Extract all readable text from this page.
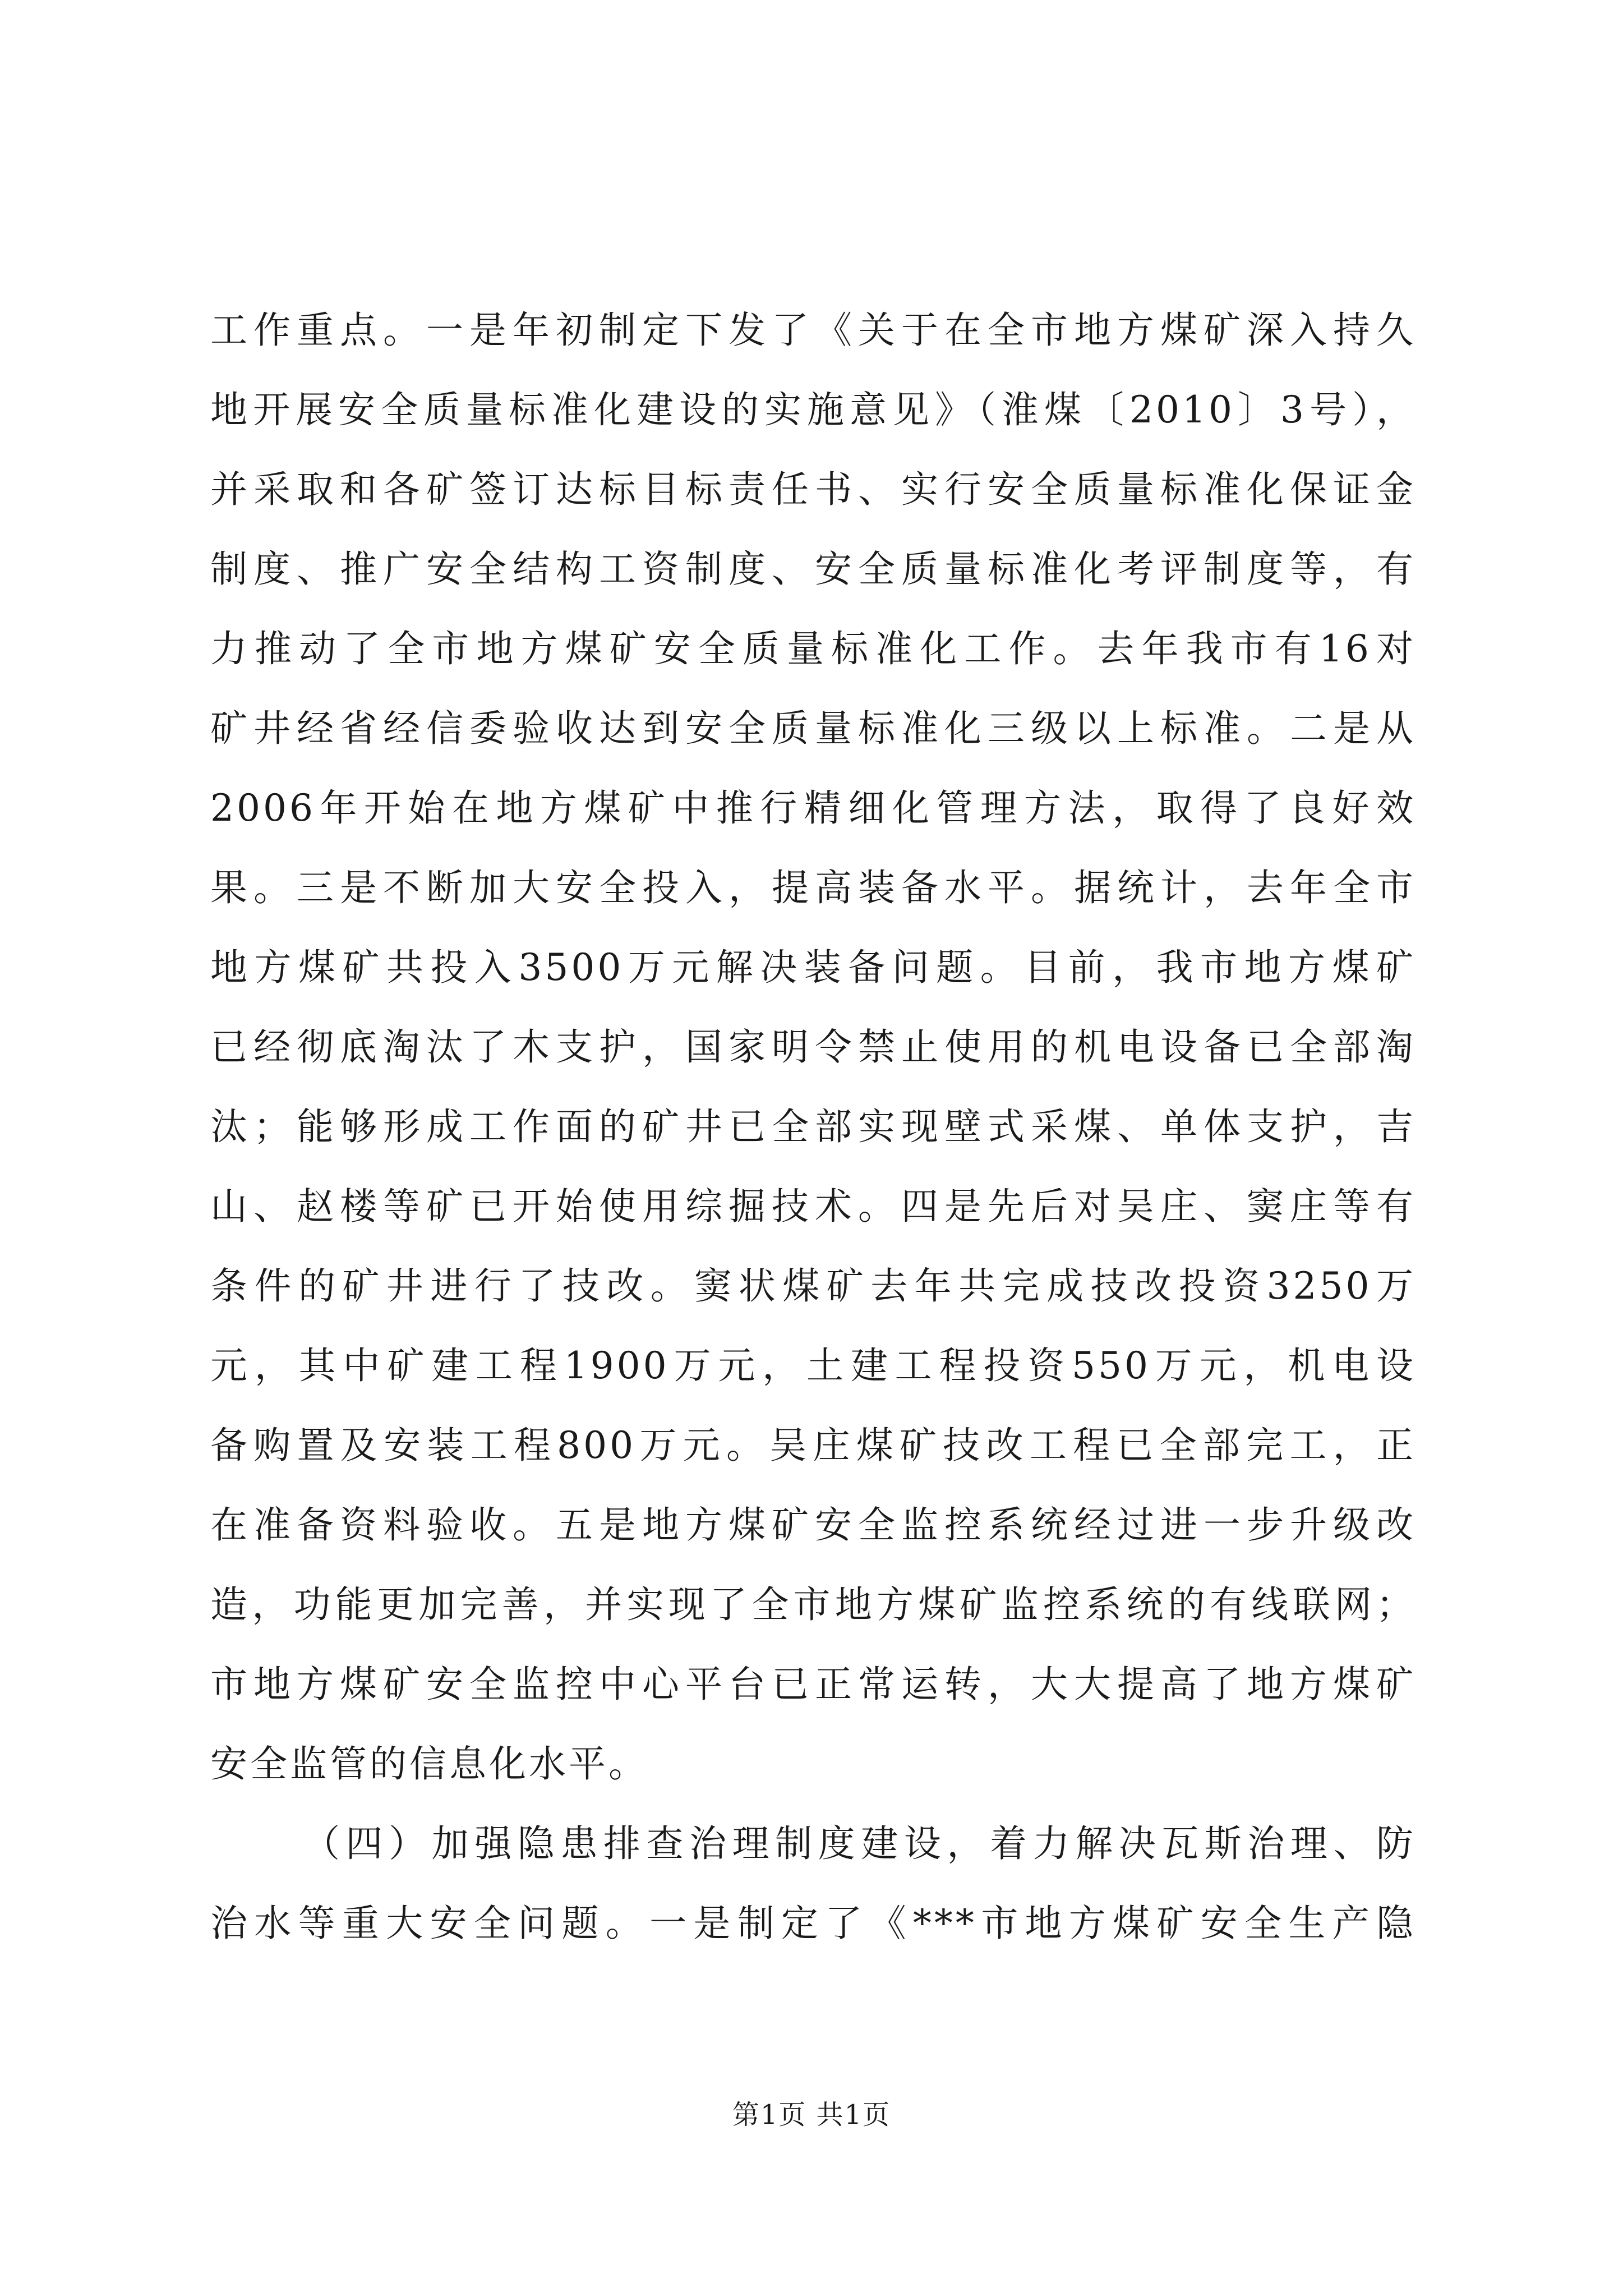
工作重点。一是年初制定下发了《关于在全市地方煤矿深入持久
地开展安全质量标准化建设的实施意见》（淮煤〔2010〕3号），
并采取和各矿签订达标目标责任书、实行安全质量标准化保证金
制度、推广安全结构工资制度、安全质量标准化考评制度等，有
力推动了全市地方煤矿安全质量标准化工作。去年我市有16对
矿井经省经信委验收达到安全质量标准化三级以上标准。二是从
2006年开始在地方煤矿中推行精细化管理方法，取得了良好效
果。三是不断加大安全投入，提高装备水平。据统计，去年全市
地方煤矿共投入3500万元解决装备问题。目前，我市地方煤矿
已经彻底淘汰了木支护，国家明令禁止使用的机电设备已全部淘
汰；能够形成工作面的矿井已全部实现壁式采煤、单体支护，吉
山、赵楼等矿已开始使用综掘技术。四是先后对吴庄、窦庄等有
条件的矿井进行了技改。窦状煤矿去年共完成技改投资3250万
元，其中矿建工程1900万元，土建工程投资550万元，机电设
备购置及安装工程800万元。吴庄煤矿技改工程已全部完工，正
在准备资料验收。五是地方煤矿安全监控系统经过进一步升级改
造，功能更加完善，并实现了全市地方煤矿监控系统的有线联网；
市地方煤矿安全监控中心平台已正常运转，大大提高了地方煤矿
安全监管的信息化水平。
（四）加强隐患排查治理制度建设，着力解决瓦斯治理、防
治水等重大安全问题。一是制定了《***市地方煤矿安全生产隐
第1页 共1页
